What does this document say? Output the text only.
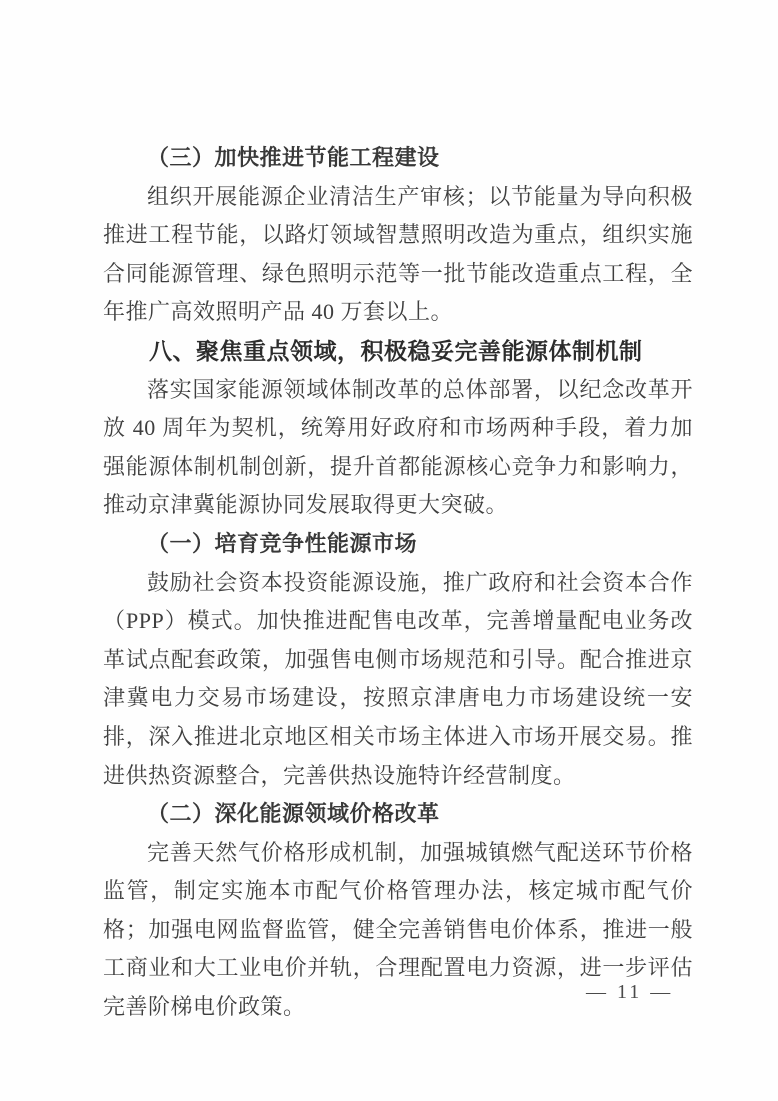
（三）加快推进节能工程建设

组织开展能源企业清洁生产审核；以节能量为导向积极推进工程节能，以路灯领域智慧照明改造为重点，组织实施合同能源管理、绿色照明示范等一批节能改造重点工程，全年推广高效照明产品 40 万套以上。

八、聚焦重点领域，积极稳妥完善能源体制机制

落实国家能源领域体制改革的总体部署，以纪念改革开放 40 周年为契机，统筹用好政府和市场两种手段，着力加强能源体制机制创新，提升首都能源核心竞争力和影响力，推动京津冀能源协同发展取得更大突破。

（一）培育竞争性能源市场

鼓励社会资本投资能源设施，推广政府和社会资本合作（PPP）模式。加快推进配售电改革，完善增量配电业务改革试点配套政策，加强售电侧市场规范和引导。配合推进京津冀电力交易市场建设，按照京津唐电力市场建设统一安排，深入推进北京地区相关市场主体进入市场开展交易。推进供热资源整合，完善供热设施特许经营制度。

（二）深化能源领域价格改革

完善天然气价格形成机制，加强城镇燃气配送环节价格监管，制定实施本市配气价格管理办法，核定城市配气价格；加强电网监督监管，健全完善销售电价体系，推进一般工商业和大工业电价并轨，合理配置电力资源，进一步评估完善阶梯电价政策。

— 11 —
